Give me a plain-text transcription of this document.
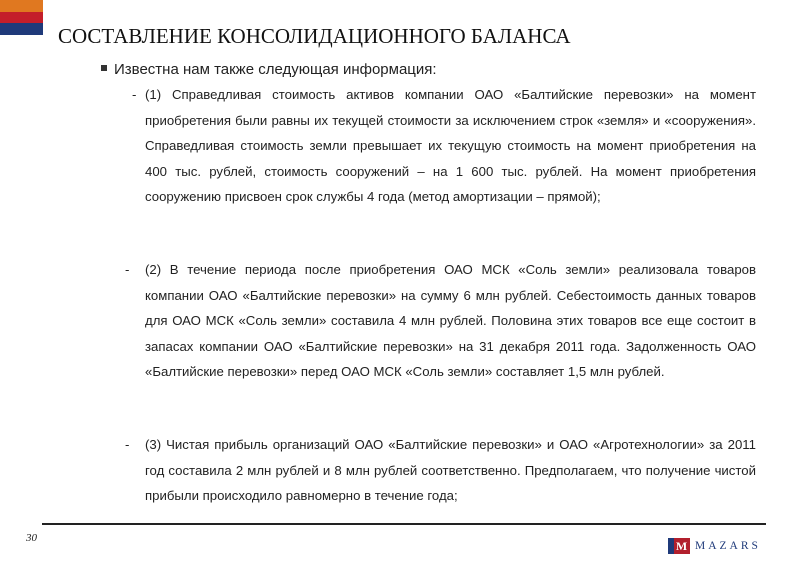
СОСТАВЛЕНИЕ КОНСОЛИДАЦИОННОГО БАЛАНСА
Известна нам также следующая информация:
- (1) Справедливая стоимость активов компании ОАО «Балтийские перевозки» на момент приобретения были равны их текущей стоимости за исключением строк «земля» и «сооружения». Справедливая стоимость земли превышает их текущую стоимость на момент приобретения на 400 тыс. рублей, стоимость сооружений – на 1 600 тыс. рублей. На момент приобретения сооружению присвоен срок службы 4 года (метод амортизации – прямой);
- (2) В течение периода после приобретения ОАО МСК «Соль земли» реализовала товаров компании ОАО «Балтийские перевозки» на сумму 6 млн рублей. Себестоимость данных товаров для ОАО МСК «Соль земли» составила 4 млн рублей. Половина этих товаров все еще состоит в запасах компании ОАО «Балтийские перевозки» на 31 декабря 2011 года. Задолженность ОАО «Балтийские перевозки» перед ОАО МСК «Соль земли» составляет 1,5 млн рублей.
- (3) Чистая прибыль организаций ОАО «Балтийские перевозки» и ОАО «Агротехнологии» за 2011 год составила 2 млн рублей и 8 млн рублей соответственно. Предполагаем, что получение чистой прибыли происходило равномерно в течение года;
30
M MAZARS
